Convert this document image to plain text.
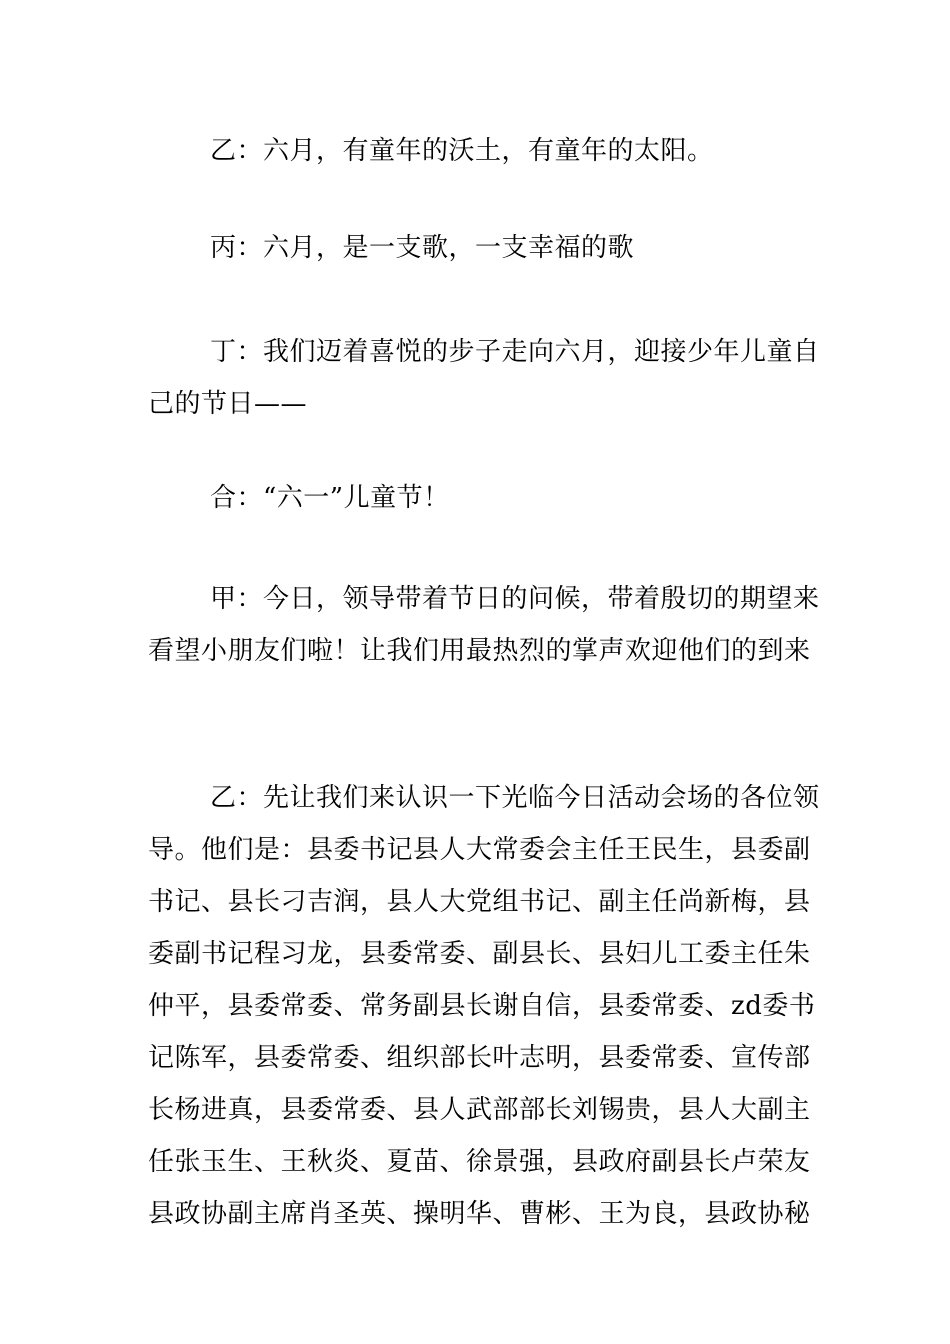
乙：六月，有童年的沃土，有童年的太阳。
丙：六月，是一支歌，一支幸福的歌
丁：我们迈着喜悦的步子走向六月，迎接少年儿童自
己的节日——
合：“六一”儿童节！
甲：今日，领导带着节日的问候，带着殷切的期望来
看望小朋友们啦！让我们用最热烈的掌声欢迎他们的到来
乙：先让我们来认识一下光临今日活动会场的各位领
导。他们是：县委书记县人大常委会主任王民生，县委副
书记、县长刁吉润，县人大党组书记、副主任尚新梅，县
委副书记程习龙，县委常委、副县长、县妇儿工委主任朱
仲平，县委常委、常务副县长谢自信，县委常委、zd委书
记陈军，县委常委、组织部长叶志明，县委常委、宣传部
长杨进真，县委常委、县人武部部长刘锡贵，县人大副主
任张玉生、王秋炎、夏苗、徐景强，县政府副县长卢荣友
县政协副主席肖圣英、操明华、曹彬、王为良，县政协秘
